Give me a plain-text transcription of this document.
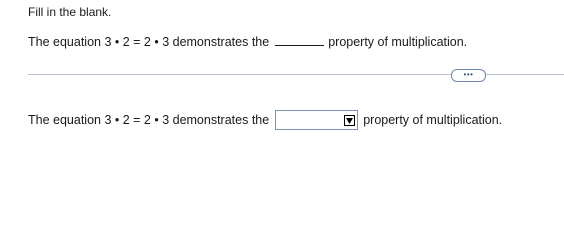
Fill in the blank.
The equation 3 • 2 = 2 • 3 demonstrates the	property of multiplication.
•••
The equation 3 • 2 = 2 • 3 demonstrates the	property of multiplication.
